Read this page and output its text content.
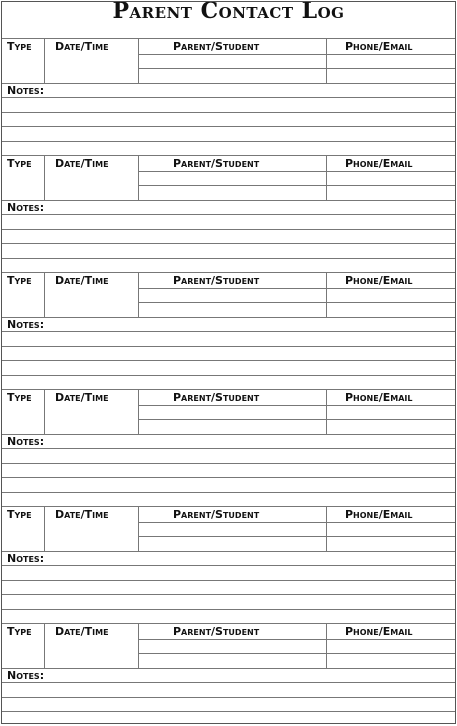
Parent Contact Log
Type Date/Time	Parent/Student	Phone/Email
Notes:
Type Date/Time	Parent/Student	Phone/Email
Notes:
Type Date/Time	Parent/Student	Phone/Email
Notes:
Type Date/Time	Parent/Student	Phone/Email
Notes:
Type Date/Time	Parent/Student	Phone/Email
Notes:
Type Date/Time	Parent/Student	Phone/Email
Notes:
